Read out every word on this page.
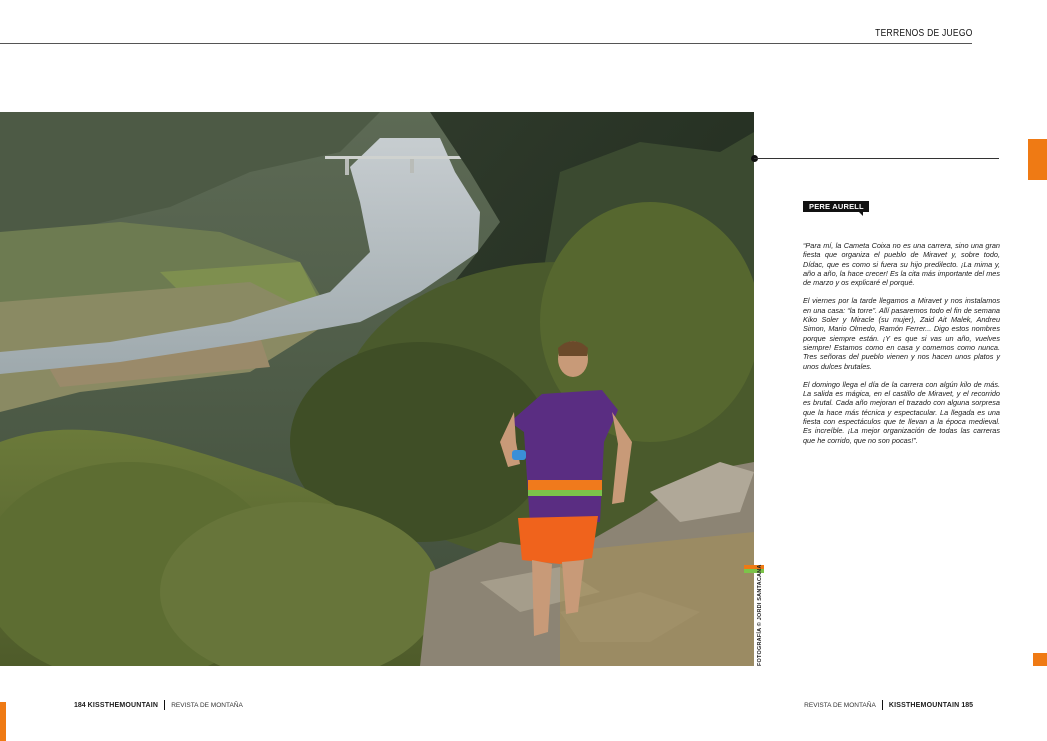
TERRENOS DE JUEGO
FOTOGRAFÍA © JORDI SANTACANA
PERE AURELL

“Para mí, la Cameta Coixa no es una carrera, sino una gran fiesta que organiza el pueblo de Miravet y, sobre todo, Dídac, que es como si fuera su hijo predilecto. ¡La mima y, año a año, la hace crecer! Es la cita más importante del mes de marzo y os explicaré el porqué.

El viernes por la tarde llegamos a Miravet y nos instalamos en una casa: “la torre”. Allí pasaremos todo el fin de semana Kiko Soler y Miracle (su mujer), Zaid Ait Malek, Andreu Simon, Mario Olmedo, Ramón Ferrer... Digo estos nombres porque siempre están. ¡Y es que si vas un año, vuelves siempre! Estamos como en casa y comemos como nunca. Tres señoras del pueblo vienen y nos hacen unos platos y unos dulces brutales.

El domingo llega el día de la carrera con algún kilo de más. La salida es mágica, en el castillo de Miravet, y el recorrido es brutal. Cada año mejoran el trazado con alguna sorpresa que la hace más técnica y espectacular. La llegada es una fiesta con espectáculos que te llevan a la época medieval. Es increíble. ¡La mejor organización de todas las carreras que he corrido, que no son pocas!”.

184 KISSTHEMOUNTAIN REVISTA DE MONTAÑA	REVISTA DE MONTAÑA KISSTHEMOUNTAIN 185
